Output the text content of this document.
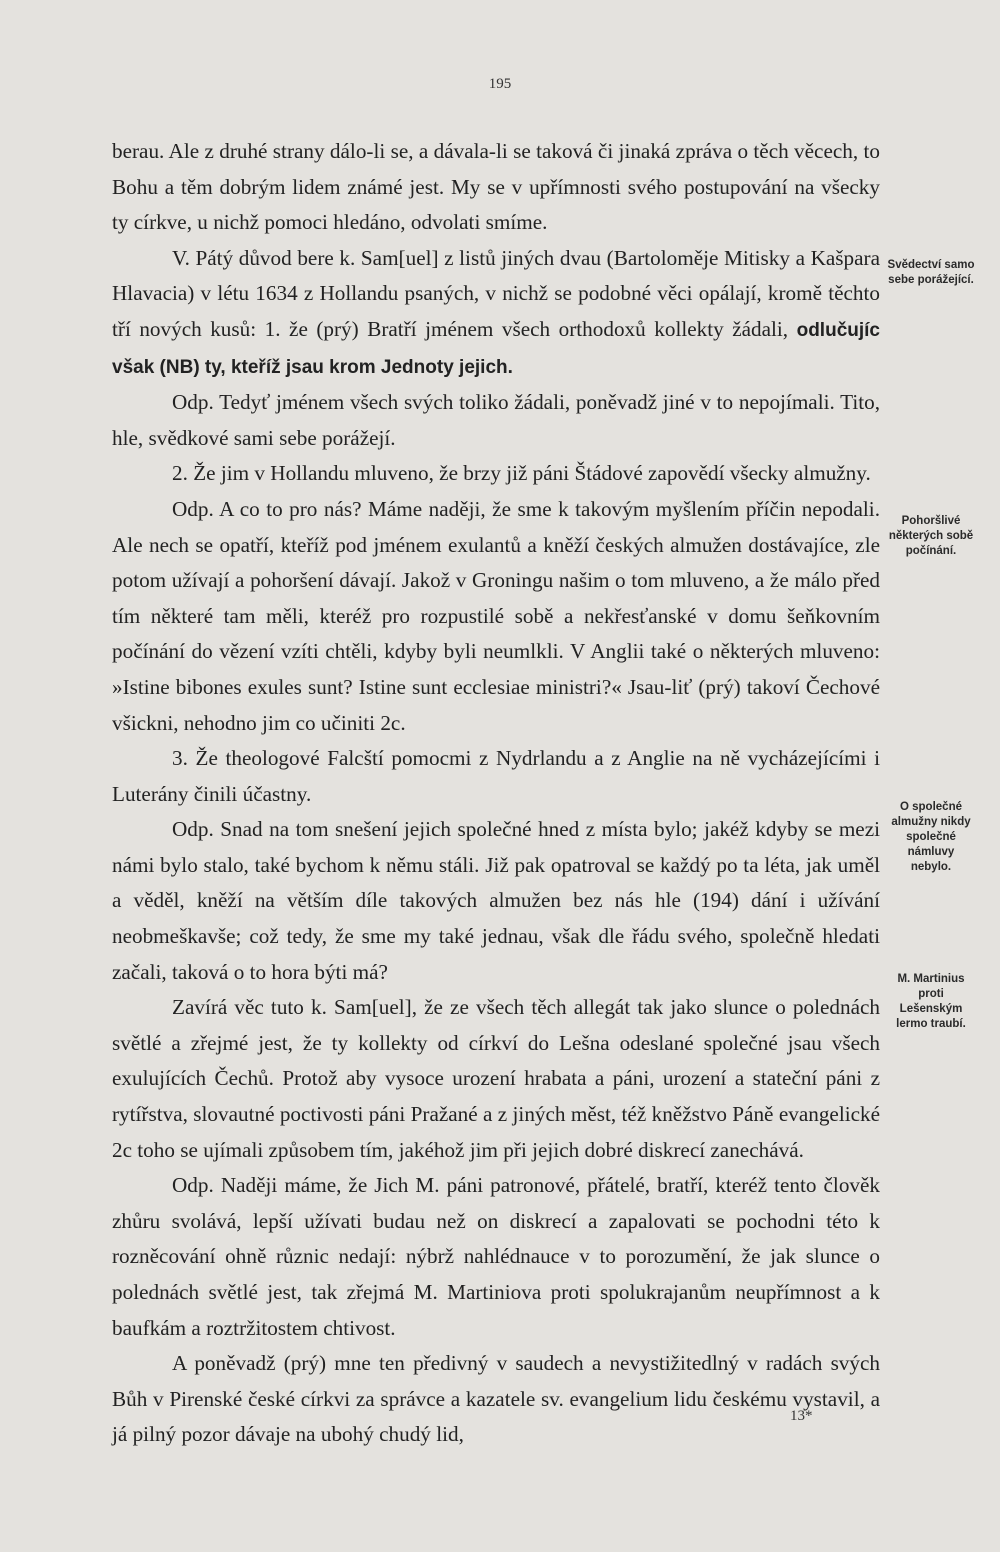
195

berau. Ale z druhé strany dálo-li se, a dávala-li se taková či jinaká zpráva o těch věcech, to Bohu a těm dobrým lidem známé jest. My se v upřímnosti svého postupování na všecky ty církve, u nichž pomoci hledáno, odvolati smíme.

V. Pátý důvod bere k. Sam[uel] z listů jiných dvau (Bartoloměje Mitisky a Kašpara Hlavacia) v létu 1634 z Hollandu psaných, v nichž se podobné věci opálají, kromě těchto tří nových kusů: 1. že (prý) Bratří jménem všech orthodoxů kollekty žádali, odlučujíc však (NB) ty, kteříž jsau krom Jednoty jejich.

Odp. Tedyť jménem všech svých toliko žádali, poněvadž jiné v to nepojímali. Tito, hle, svědkové sami sebe porážejí.

2. Že jim v Hollandu mluveno, že brzy již páni Štádové zapovědí všecky almužny.

Odp. A co to pro nás? Máme naději, že sme k takovým myšlením příčin nepodali. Ale nech se opatří, kteříž pod jménem exulantů a kněží českých almužen dostávajíce, zle potom užívají a pohoršení dávají. Jakož v Groningu našim o tom mluveno, a že málo před tím některé tam měli, kteréž pro rozpustilé sobě a nekřesťanské v domu šeňkovním počínání do vězení vzíti chtěli, kdyby byli neumlkli. V Anglii také o některých mluveno: »Istine bibones exules sunt? Istine sunt ecclesiae ministri?« Jsau-liť (prý) takoví Čechové všickni, nehodno jim co učiniti 2c.

3. Že theologové Falcští pomocmi z Nydrlandu a z Anglie na ně vycházejícími i Luterány činili účastny.

Odp. Snad na tom snešení jejich společné hned z místa bylo; jakéž kdyby se mezi námi bylo stalo, také bychom k němu stáli. Již pak opatroval se každý po ta léta, jak uměl a věděl, kněží na větším díle takových almužen bez nás hle (194) dání i užívání neobmeškavše; což tedy, že sme my také jednau, však dle řádu svého, společně hledati začali, taková o to hora býti má?

Zavírá věc tuto k. Sam[uel], že ze všech těch allegát tak jako slunce o polednách světlé a zřejmé jest, že ty kollekty od církví do Lešna odeslané společné jsau všech exulujících Čechů. Protož aby vysoce urození hrabata a páni, urození a stateční páni z rytířstva, slovautné poctivosti páni Pražané a z jiných měst, též kněžstvo Páně evangelické 2c toho se ujímali způsobem tím, jakéhož jim při jejich dobré diskrecí zanechává.

Odp. Naději máme, že Jich M. páni patronové, přátelé, bratří, kteréž tento člověk zhůru svolává, lepší užívati budau než on diskrecí a zapalovati se pochodni této k rozněcování ohně různic nedají: nýbrž nahlédnauce v to porozumění, že jak slunce o polednách světlé jest, tak zřejmá M. Martiniova proti spolukrajanům neupřímnost a k baufkám a roztržitostem chtivost.

A poněvadž (prý) mne ten předivný v saudech a nevystižitedlný v radách svých Bůh v Pirenské české církvi za správce a kazatele sv. evangelium lidu českému vystavil, a já pilný pozor dávaje na ubohý chudý lid,

Svědectví samo sebe porážející.
Pohoršlivé některých sobě počínání.
O společné almužny nikdy společné námluvy nebylo.
M. Martinius proti Lešenským lermo traubí.
13*
